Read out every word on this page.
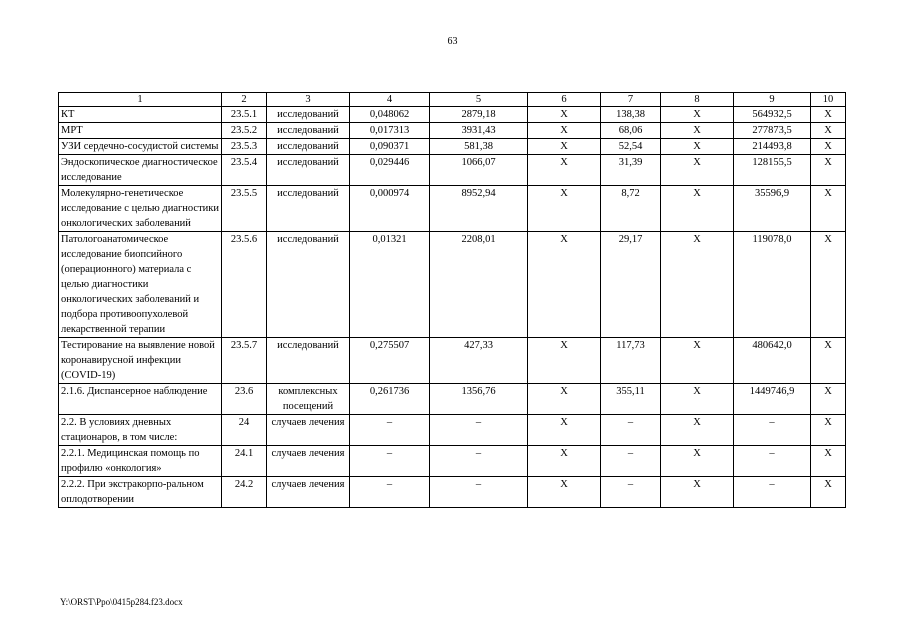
63
1	2	3	4	5	6	7	8	9	10
КТ	23.5.1	исследований	0,048062	2879,18	Х	138,38	Х	564932,5	Х
МРТ	23.5.2	исследований	0,017313	3931,43	Х	68,06	Х	277873,5	Х
УЗИ сердечно-сосудистой системы	23.5.3	исследований	0,090371	581,38	Х	52,54	Х	214493,8	Х
Эндоскопическое диагностическое исследование	23.5.4	исследований	0,029446	1066,07	Х	31,39	Х	128155,5	Х
Молекулярно-генетическое исследование с целью диагностики онкологических заболеваний	23.5.5	исследований	0,000974	8952,94	Х	8,72	Х	35596,9	Х
Патологоанатомическое исследование биопсийного (операционного) материала с целью диагностики онкологических заболеваний и подбора противоопухолевой лекарственной терапии	23.5.6	исследований	0,01321	2208,01	Х	29,17	Х	119078,0	Х
Тестирование на выявление новой коронавирусной инфекции (COVID-19)	23.5.7	исследований	0,275507	427,33	Х	117,73	Х	480642,0	Х
2.1.6. Диспансерное наблюдение	23.6	комплексных посещений	0,261736	1356,76	Х	355,11	Х	1449746,9	Х
2.2. В условиях дневных стационаров, в том числе:	24	случаев лечения	–	–	Х	–	Х	–	Х
2.2.1. Медицинская помощь по профилю «онкология»	24.1	случаев лечения	–	–	Х	–	Х	–	Х
2.2.2. При экстракорпо-ральном оплодотворении	24.2	случаев лечения	–	–	Х	–	Х	–	Х
Y:\ORST\Ppo\0415p284.f23.docx
